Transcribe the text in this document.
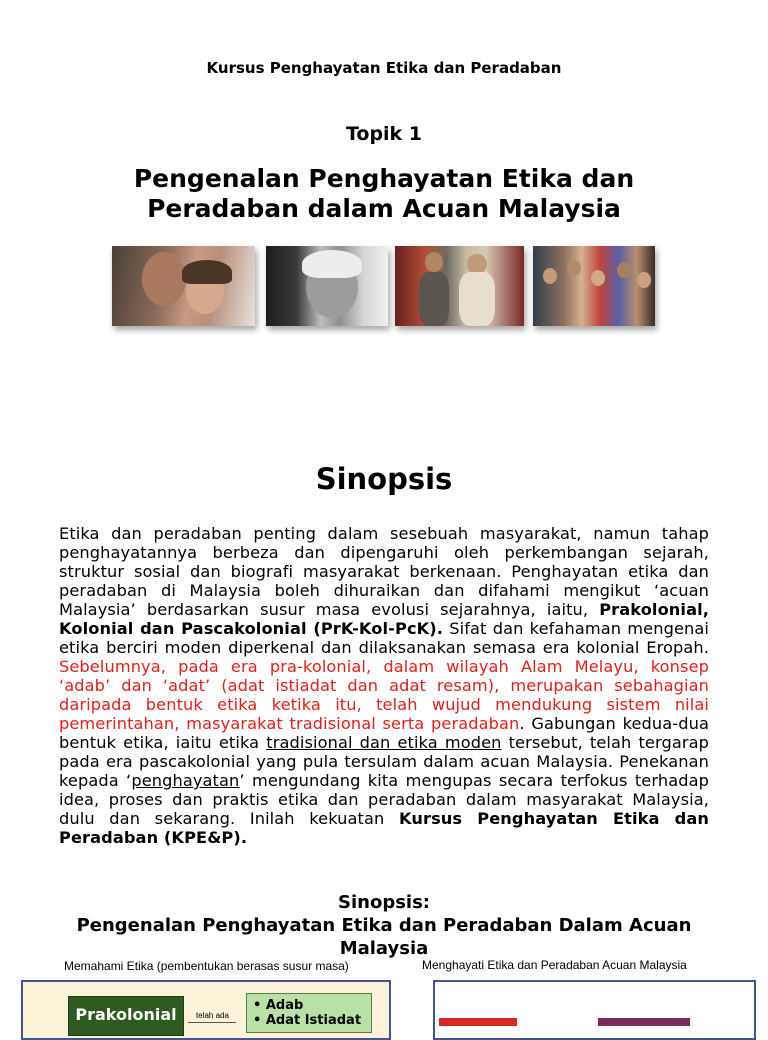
Kursus Penghayatan Etika dan Peradaban
Topik 1
Pengenalan Penghayatan Etika dan Peradaban dalam Acuan Malaysia
Sinopsis

Etika dan peradaban penting dalam sesebuah masyarakat, namun tahap penghayatannya berbeza dan dipengaruhi oleh perkembangan sejarah, struktur sosial dan biografi masyarakat berkenaan. Penghayatan etika dan peradaban di Malaysia boleh dihuraikan dan difahami mengikut ‘acuan Malaysia’ berdasarkan susur masa evolusi sejarahnya, iaitu, Prakolonial, Kolonial dan Pascakolonial (PrK-Kol-PcK). Sifat dan kefahaman mengenai etika berciri moden diperkenal dan dilaksanakan semasa era kolonial Eropah. Sebelumnya, pada era pra-kolonial, dalam wilayah Alam Melayu, konsep ‘adab’ dan ‘adat’ (adat istiadat dan adat resam), merupakan sebahagian daripada bentuk etika ketika itu, telah wujud mendukung sistem nilai pemerintahan, masyarakat tradisional serta peradaban. Gabungan kedua-dua bentuk etika, iaitu etika tradisional dan etika moden tersebut, telah tergarap pada era pascakolonial yang pula tersulam dalam acuan Malaysia. Penekanan kepada ‘penghayatan’ mengundang kita mengupas secara terfokus terhadap idea, proses dan praktis etika dan peradaban dalam masyarakat Malaysia, dulu dan sekarang. Inilah kekuatan Kursus Penghayatan Etika dan Peradaban (KPE&P).

Sinopsis:
Pengenalan Penghayatan Etika dan Peradaban Dalam Acuan Malaysia
Memahami Etika (pembentukan berasas susur masa)	Menghayati Etika dan Peradaban Acuan Malaysia
Prakolonial	telah ada
• Adab
• Adat Istiadat
